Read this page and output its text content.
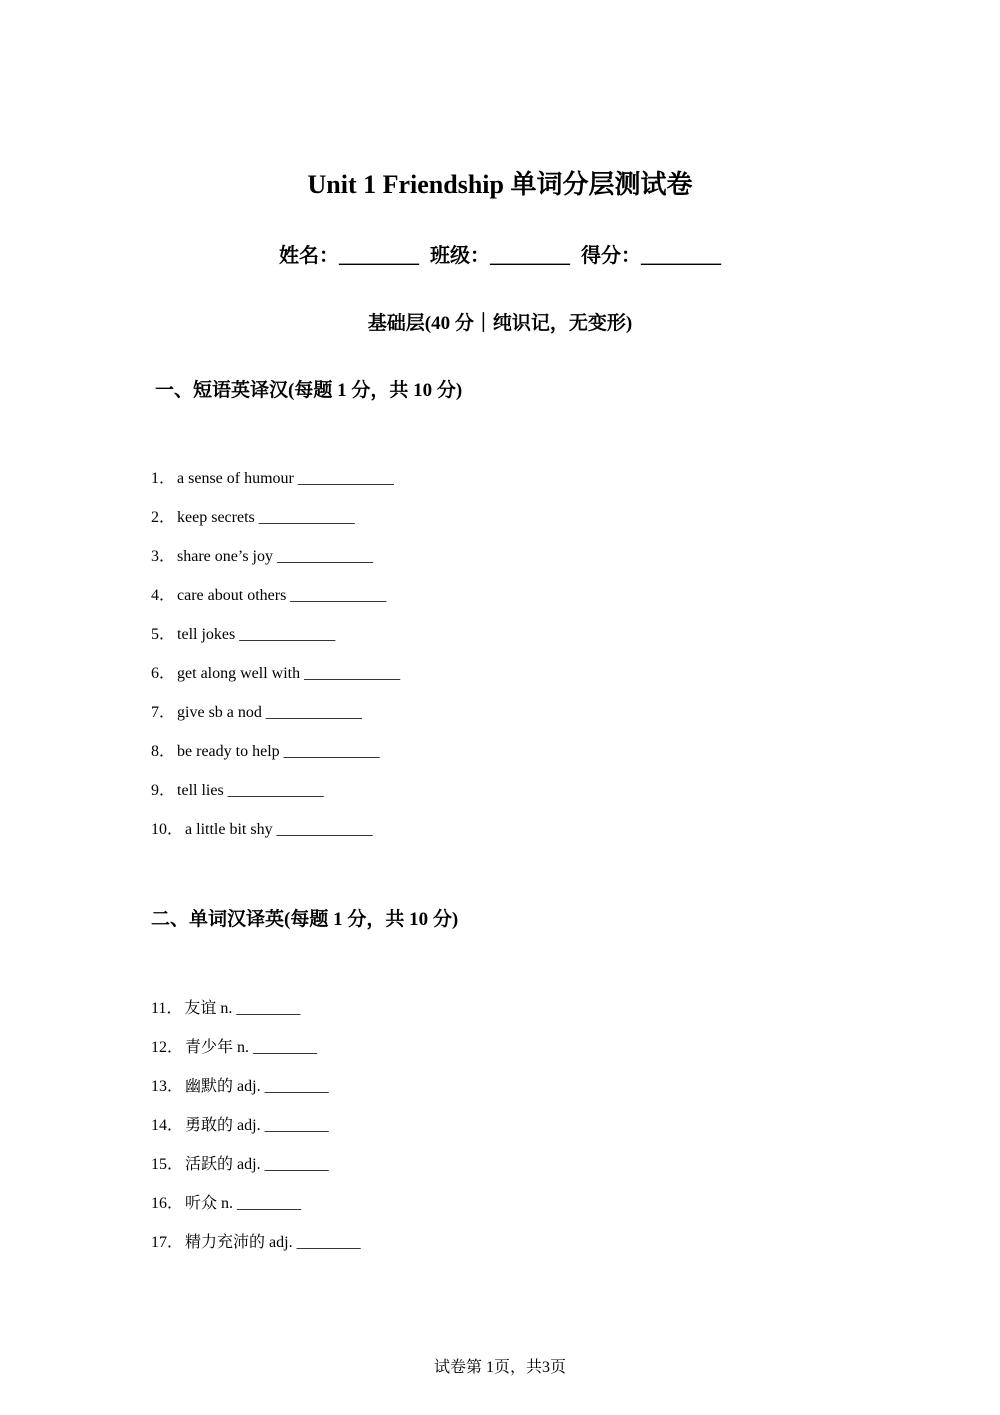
Unit 1 Friendship 单词分层测试卷
姓名：________ 班级：________ 得分：________
基础层(40 分｜纯识记，无变形)
一、短语英译汉(每题 1 分，共 10 分)
1． a sense of humour ____________
2． keep secrets ____________
3． share one’s joy ____________
4． care about others ____________
5． tell jokes ____________
6． get along well with ____________
7． give sb a nod ____________
8． be ready to help ____________
9． tell lies ____________
10． a little bit shy ____________
二、单词汉译英(每题 1 分，共 10 分)
11． 友谊 n. ________
12． 青少年 n. ________
13． 幽默的 adj. ________
14． 勇敢的 adj. ________
15． 活跃的 adj. ________
16． 听众 n. ________
17． 精力充沛的 adj. ________
试卷第 1页，共3页
